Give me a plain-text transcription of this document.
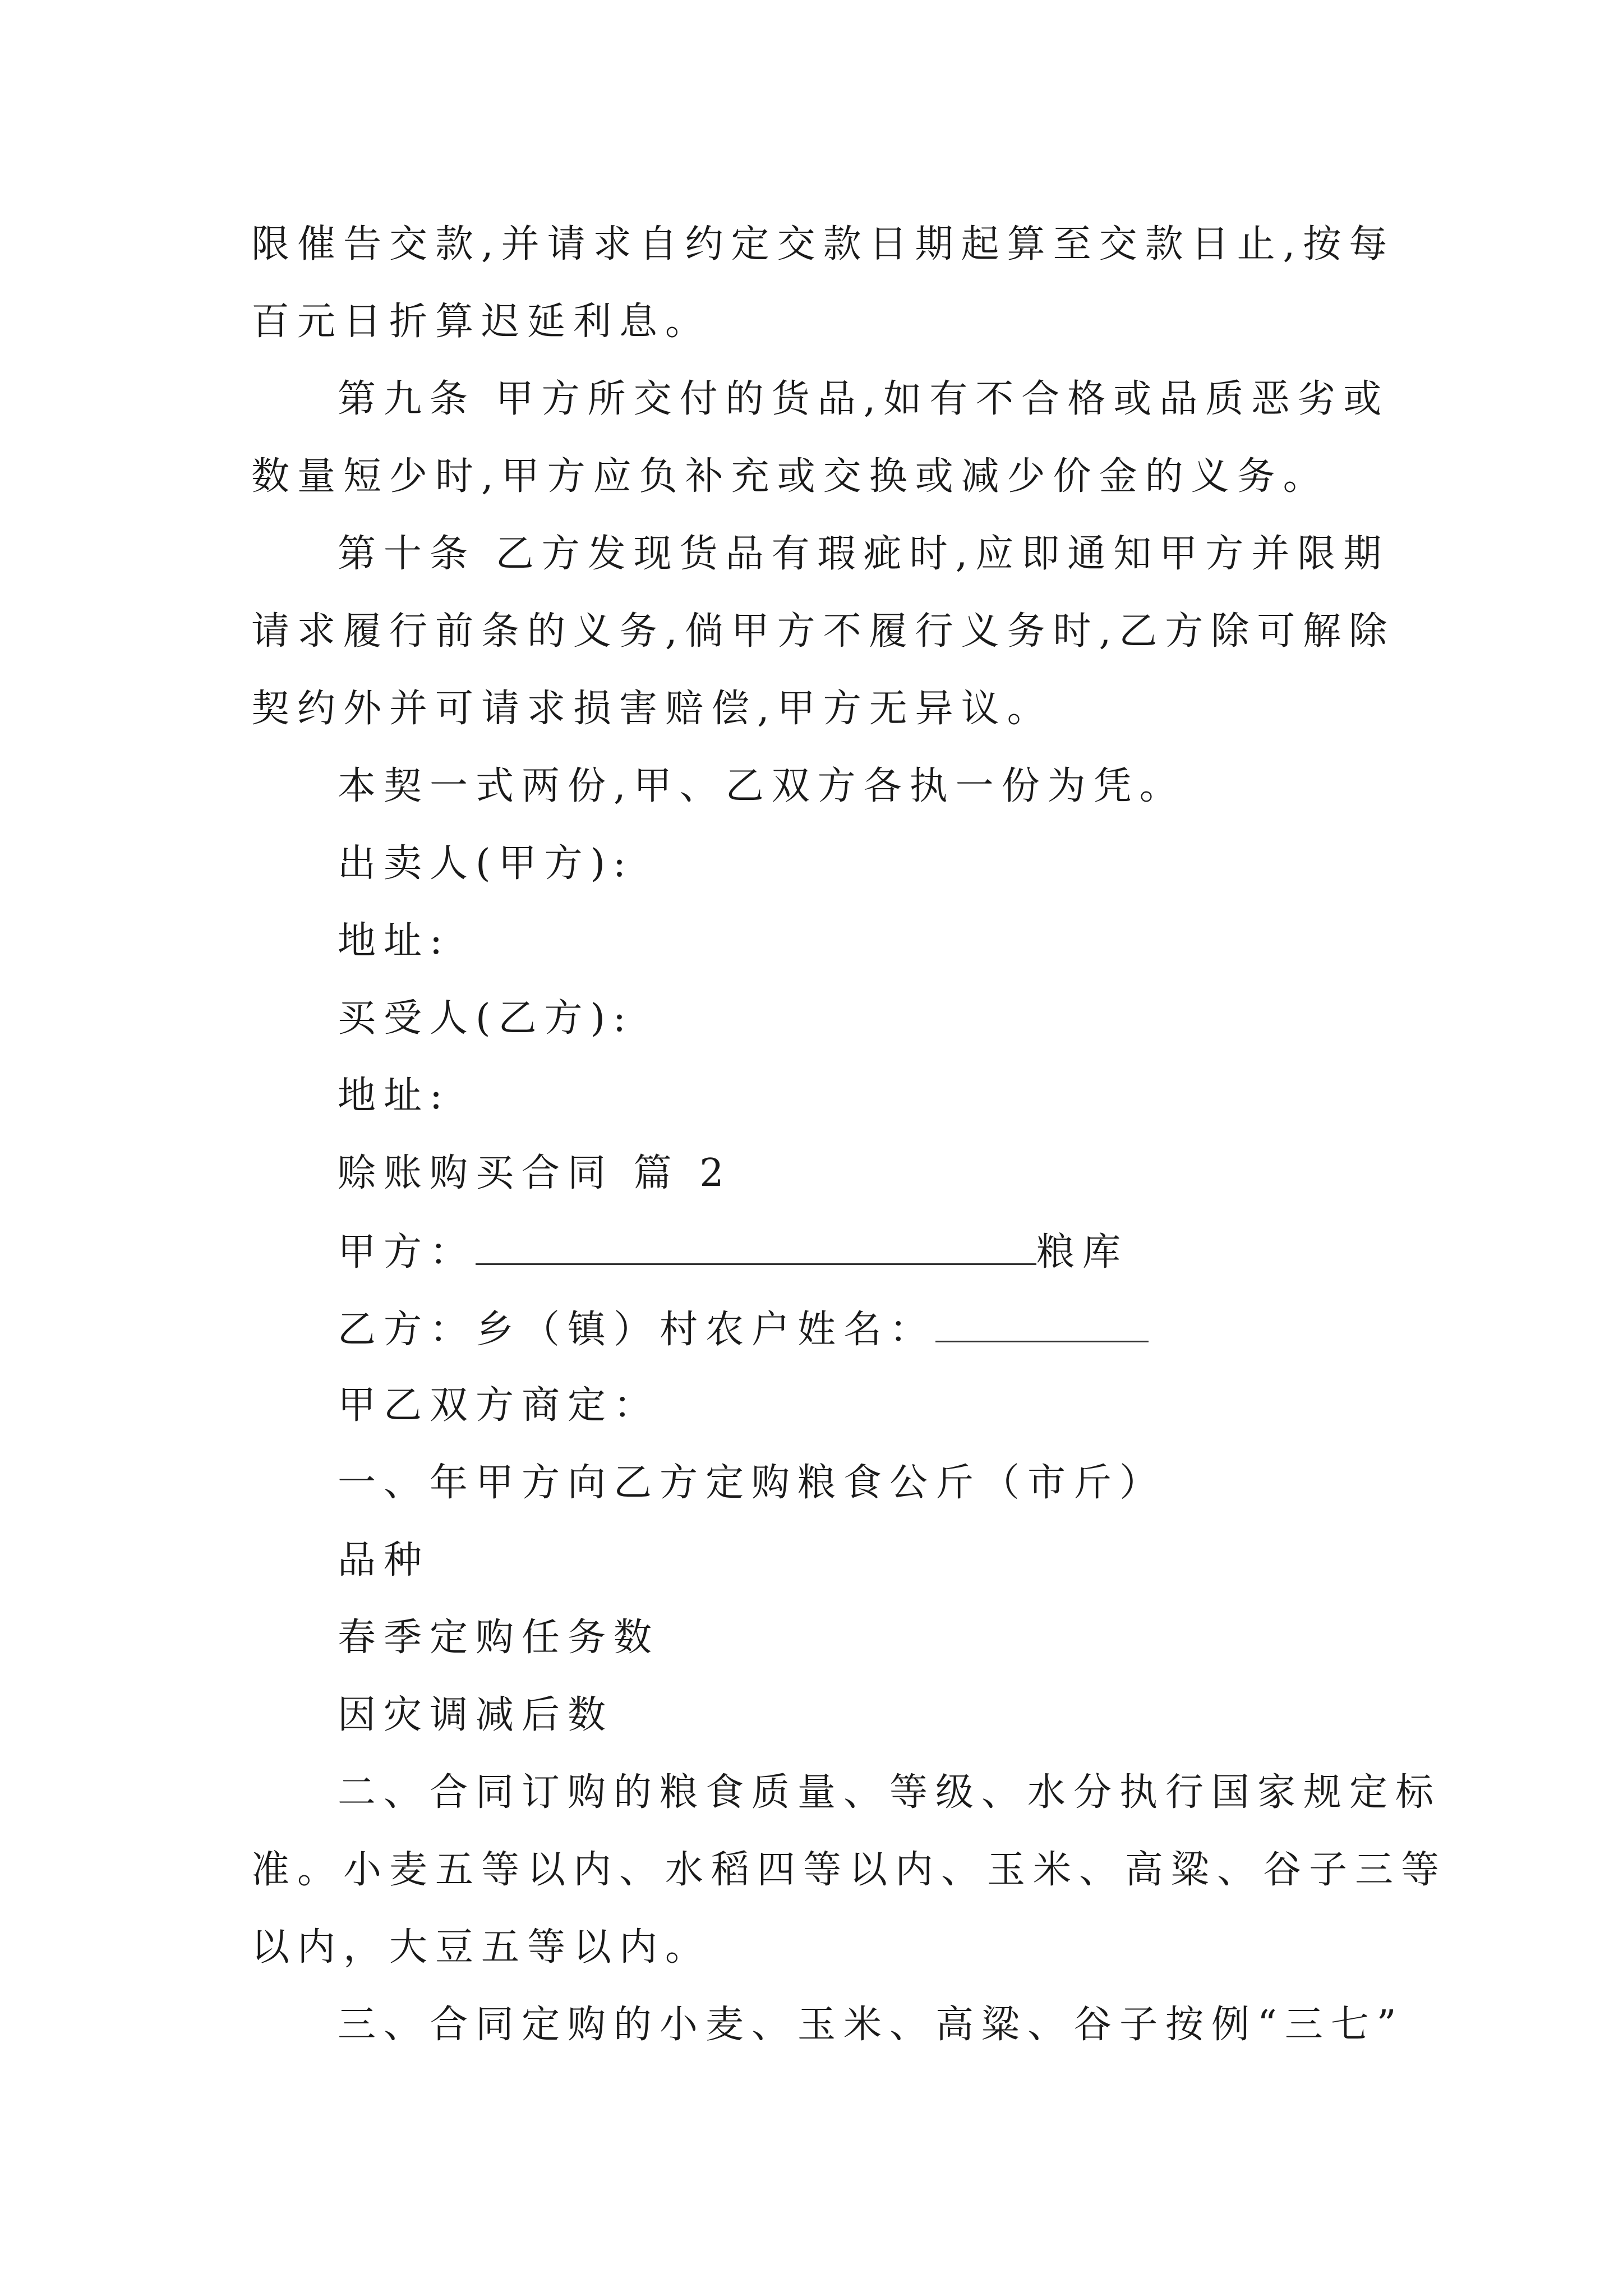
限催告交款,并请求自约定交款日期起算至交款日止,按每
百元日折算迟延利息。
第九条 甲方所交付的货品,如有不合格或品质恶劣或
数量短少时,甲方应负补充或交换或减少价金的义务。
第十条 乙方发现货品有瑕疵时,应即通知甲方并限期
请求履行前条的义务,倘甲方不履行义务时,乙方除可解除
契约外并可请求损害赔偿,甲方无异议。
本契一式两份,甲、乙双方各执一份为凭。
出卖人(甲方):
地址:
买受人(乙方):
地址:
赊账购买合同 篇 2
甲方：	粮库
乙方：乡（镇）村农户姓名：
甲乙双方商定：
一、年甲方向乙方定购粮食公斤（市斤）
品种
春季定购任务数
因灾调减后数
二、合同订购的粮食质量、等级、水分执行国家规定标
准。小麦五等以内、水稻四等以内、玉米、高粱、谷子三等
以内，大豆五等以内。
三、合同定购的小麦、玉米、高粱、谷子按例“三七”
